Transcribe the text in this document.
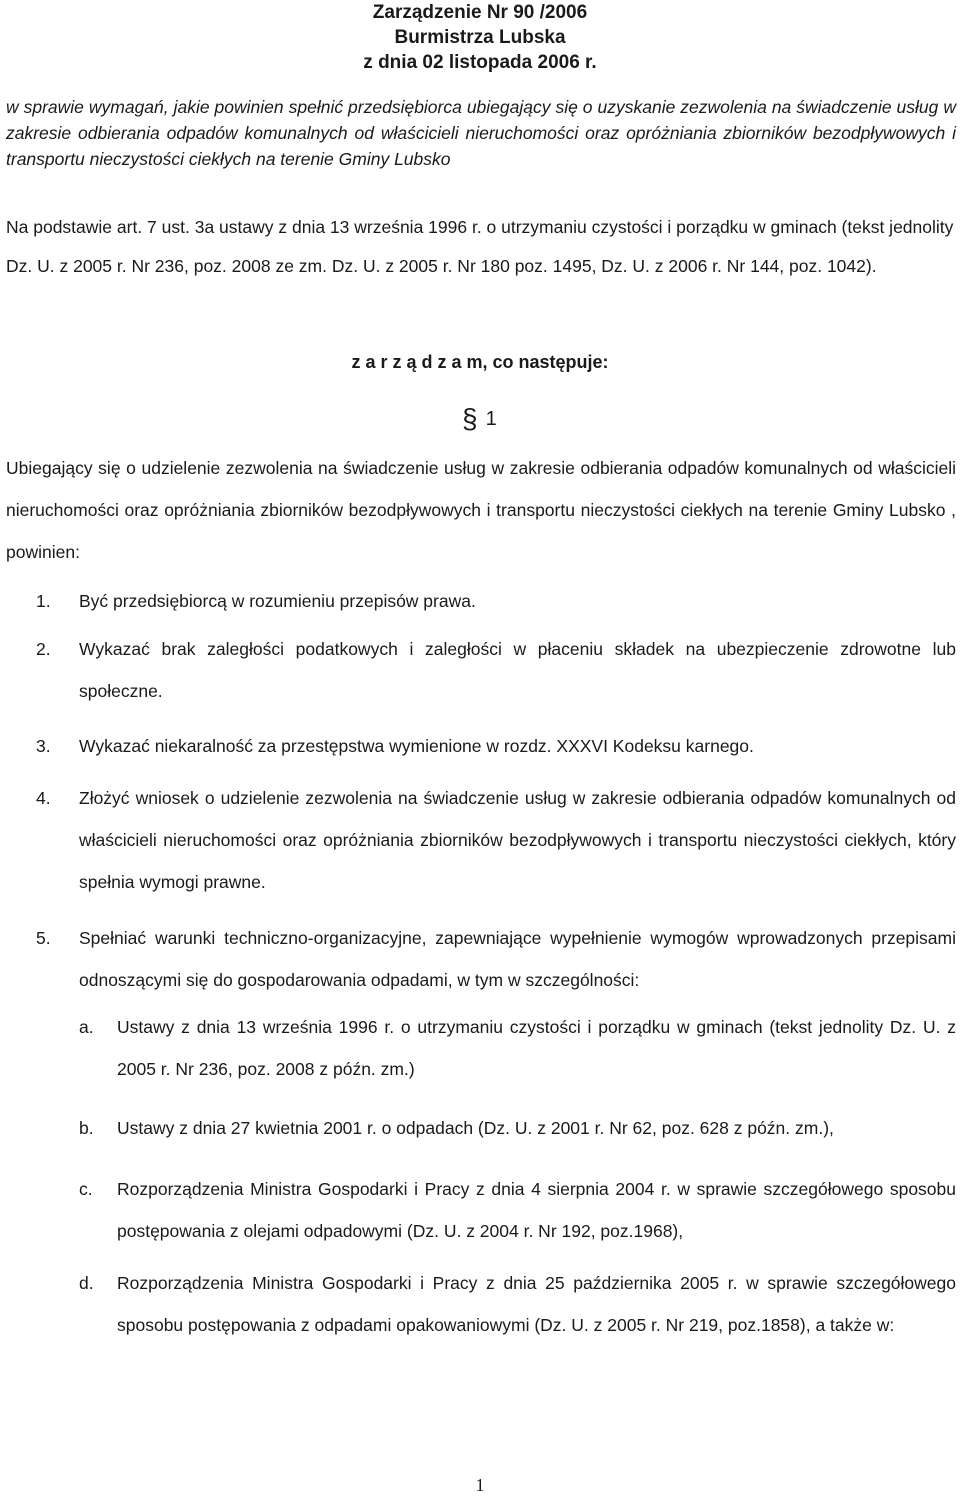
Zarządzenie Nr 90 /2006
Burmistrza Lubska
z dnia 02 listopada 2006 r.

w sprawie wymagań, jakie powinien spełnić przedsiębiorca ubiegający się o uzyskanie zezwolenia na świadczenie usług w zakresie odbierania odpadów komunalnych od właścicieli nieruchomości oraz opróżniania zbiorników bezodpływowych i transportu nieczystości ciekłych na terenie Gminy Lubsko

Na podstawie art. 7 ust. 3a ustawy z dnia 13 września 1996 r. o utrzymaniu czystości i porządku w gminach (tekst jednolity Dz. U. z 2005 r. Nr 236, poz. 2008 ze zm. Dz. U. z 2005 r. Nr 180 poz. 1495, Dz. U. z 2006 r. Nr 144, poz. 1042).

z a r z ą d z a m, co następuje:
§ 1

Ubiegający się o udzielenie zezwolenia na świadczenie usług w zakresie odbierania odpadów komunalnych od właścicieli nieruchomości oraz opróżniania zbiorników bezodpływowych i transportu nieczystości ciekłych na terenie Gminy Lubsko , powinien:

1. Być przedsiębiorcą w rozumieniu przepisów prawa.
2. Wykazać brak zaległości podatkowych i zaległości w płaceniu składek na ubezpieczenie zdrowotne lub społeczne.
3. Wykazać niekaralność za przestępstwa wymienione w rozdz. XXXVI Kodeksu karnego.
4. Złożyć wniosek o udzielenie zezwolenia na świadczenie usług w zakresie odbierania odpadów komunalnych od właścicieli nieruchomości oraz opróżniania zbiorników bezodpływowych i transportu nieczystości ciekłych, który spełnia wymogi prawne.
5. Spełniać warunki techniczno-organizacyjne, zapewniające wypełnienie wymogów wprowadzonych przepisami odnoszącymi się do gospodarowania odpadami, w tym w szczególności:
a. Ustawy z dnia 13 września 1996 r. o utrzymaniu czystości i porządku w gminach (tekst jednolity Dz. U. z 2005 r. Nr 236, poz. 2008 z późn. zm.)
b. Ustawy z dnia 27 kwietnia 2001 r. o odpadach (Dz. U. z 2001 r. Nr 62, poz. 628 z późn. zm.),
c. Rozporządzenia Ministra Gospodarki i Pracy z dnia 4 sierpnia 2004 r. w sprawie szczegółowego sposobu postępowania z olejami odpadowymi (Dz. U. z 2004 r. Nr 192, poz.1968),
d. Rozporządzenia Ministra Gospodarki i Pracy z dnia 25 października 2005 r. w sprawie szczegółowego sposobu postępowania z odpadami opakowaniowymi (Dz. U. z 2005 r. Nr 219, poz.1858), a także w:
1
